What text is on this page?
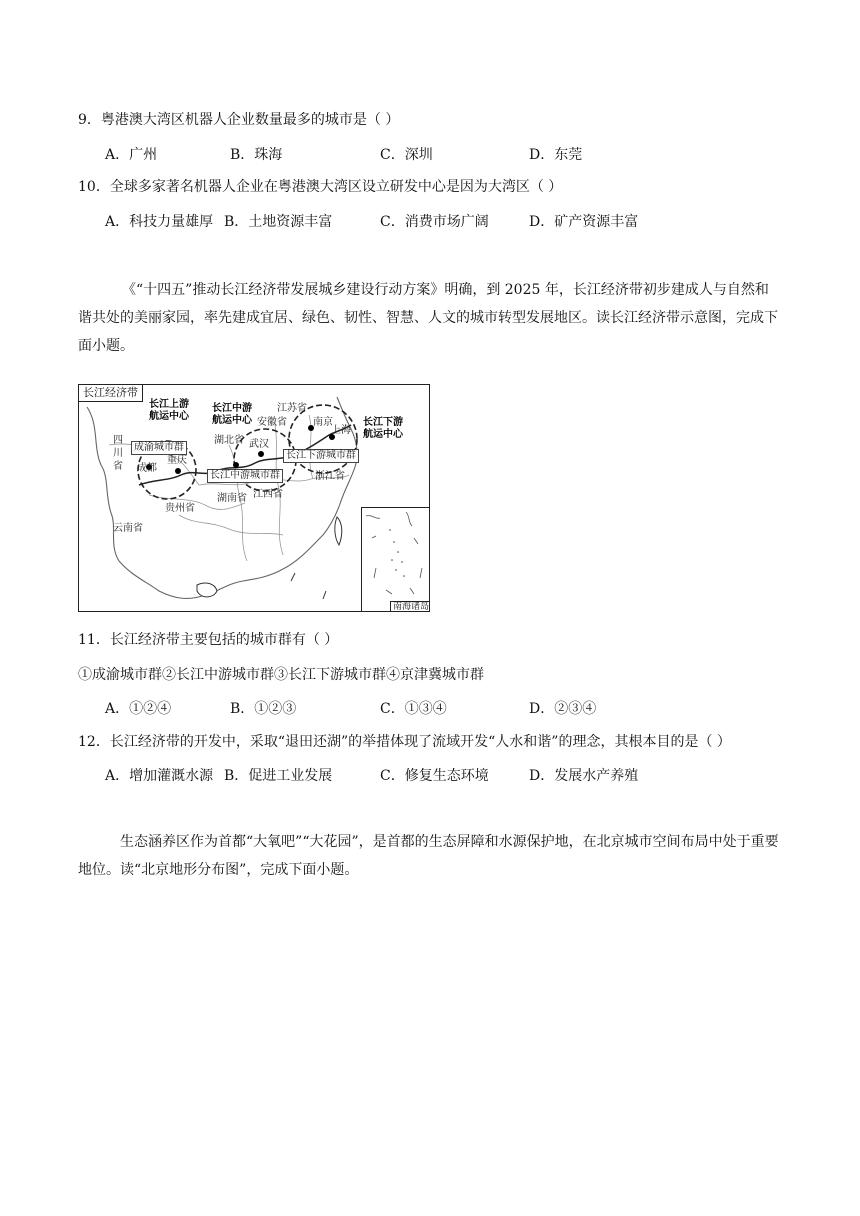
9．粤港澳大湾区机器人企业数量最多的城市是（ ）
A．广州	B．珠海	C．深圳	D．东莞
10．全球多家著名机器人企业在粤港澳大湾区设立研发中心是因为大湾区（ ）
A．科技力量雄厚 B．土地资源丰富	C．消费市场广阔	D．矿产资源丰富
《“十四五”推动长江经济带发展城乡建设行动方案》明确，到 2025 年，长江经济带初步建成人与自然和谐共处的美丽家园，率先建成宜居、绿色、韧性、智慧、人文的城市转型发展地区。读长江经济带示意图，完成下面小题。
长江经济带
长江上游
航运中心
长江中游
航运中心	长江下游
航运中心
成渝城市群
长江中游城市群
长江下游城市群
四
川
省 成都
重庆
湖北省 武汉
安徽省
江苏省
南京
上海
浙江省
贵州省
湖南省 江西省
云南省
南海诸岛
11．长江经济带主要包括的城市群有（ ）
①成渝城市群②长江中游城市群③长江下游城市群④京津冀城市群
A．①②④	B．①②③	C．①③④	D．②③④
12．长江经济带的开发中，采取“退田还湖”的举措体现了流域开发“人水和谐”的理念，其根本目的是（ ）
A．增加灌溉水源 B．促进工业发展	C．修复生态环境	D．发展水产养殖
生态涵养区作为首都“大氧吧”“大花园”，是首都的生态屏障和水源保护地，在北京城市空间布局中处于重要地位。读“北京地形分布图”，完成下面小题。
